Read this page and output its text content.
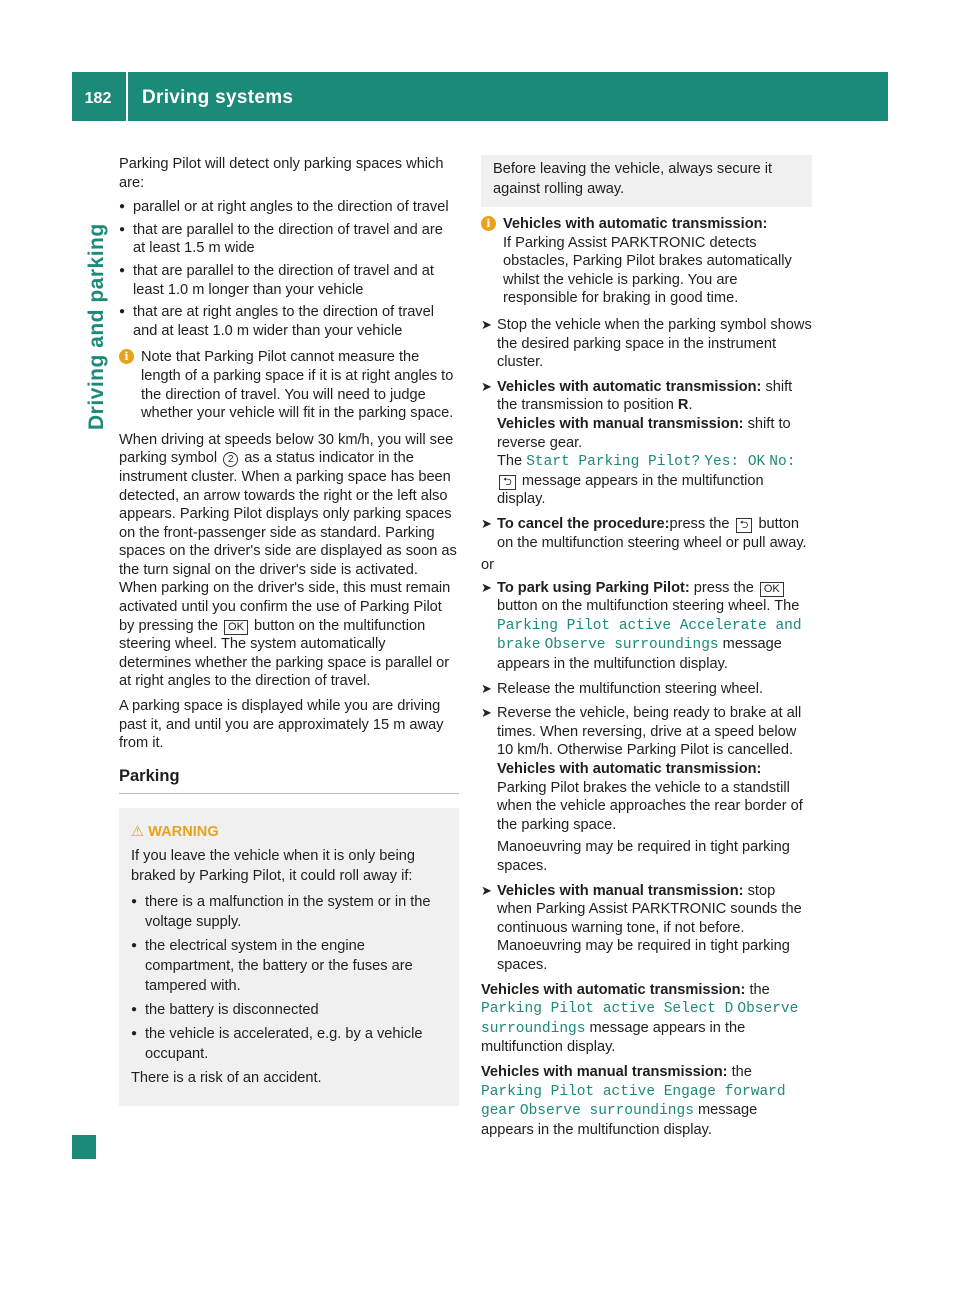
182	Driving systems
Driving and parking

Parking Pilot will detect only parking spaces which are:

● parallel or at right angles to the direction of travel
● that are parallel to the direction of travel and are at least 1.5 m wide
● that are parallel to the direction of travel and at least 1.0 m longer than your vehicle
● that are at right angles to the direction of travel and at least 1.0 m wider than your vehicle
i Note that Parking Pilot cannot measure the length of a parking space if it is at right angles to the direction of travel. You will need to judge whether your vehicle will fit in the parking space.

When driving at speeds below 30 km/h, you will see parking symbol 2 as a status indicator in the instrument cluster. When a parking space has been detected, an arrow towards the right or the left also appears. Parking Pilot displays only parking spaces on the front-passenger side as standard. Parking spaces on the driver's side are displayed as soon as the turn signal on the driver's side is activated. When parking on the driver's side, this must remain activated until you confirm the use of Parking Pilot by pressing the OK button on the multifunction steering wheel. The system automatically determines whether the parking space is parallel or at right angles to the direction of travel.

A parking space is displayed while you are driving past it, and until you are approximately 15 m away from it.

Parking
⚠ WARNING

If you leave the vehicle when it is only being braked by Parking Pilot, it could roll away if:

● there is a malfunction in the system or in the voltage supply.
● the electrical system in the engine compartment, the battery or the fuses are tampered with.
● the battery is disconnected
● the vehicle is accelerated, e.g. by a vehicle occupant.

There is a risk of an accident.

Before leaving the vehicle, always secure it against rolling away.
i Vehicles with automatic transmission:
If Parking Assist PARKTRONIC detects obstacles, Parking Pilot brakes automatically whilst the vehicle is parking. You are responsible for braking in good time.
➤ Stop the vehicle when the parking symbol shows the desired parking space in the instrument cluster.
➤ Vehicles with automatic transmission: shift the transmission to position R.
Vehicles with manual transmission: shift to reverse gear.
The Start Parking Pilot? Yes: OK No: ⮌ message appears in the multifunction display.
➤ To cancel the procedure:press the ⮌ button on the multifunction steering wheel or pull away.

or

➤ To park using Parking Pilot: press the OK button on the multifunction steering wheel. The Parking Pilot active Accelerate and brake Observe surroundings message appears in the multifunction display.
➤ Release the multifunction steering wheel.
➤ Reverse the vehicle, being ready to brake at all times. When reversing, drive at a speed below 10 km/h. Otherwise Parking Pilot is cancelled.
Vehicles with automatic transmission:
Parking Pilot brakes the vehicle to a standstill when the vehicle approaches the rear border of the parking space.
Manoeuvring may be required in tight parking spaces.
➤ Vehicles with manual transmission: stop when Parking Assist PARKTRONIC sounds the continuous warning tone, if not before.
Manoeuvring may be required in tight parking spaces.

Vehicles with automatic transmission: the Parking Pilot active Select D Observe surroundings message appears in the multifunction display.

Vehicles with manual transmission: the Parking Pilot active Engage forward gear Observe surroundings message appears in the multifunction display.
